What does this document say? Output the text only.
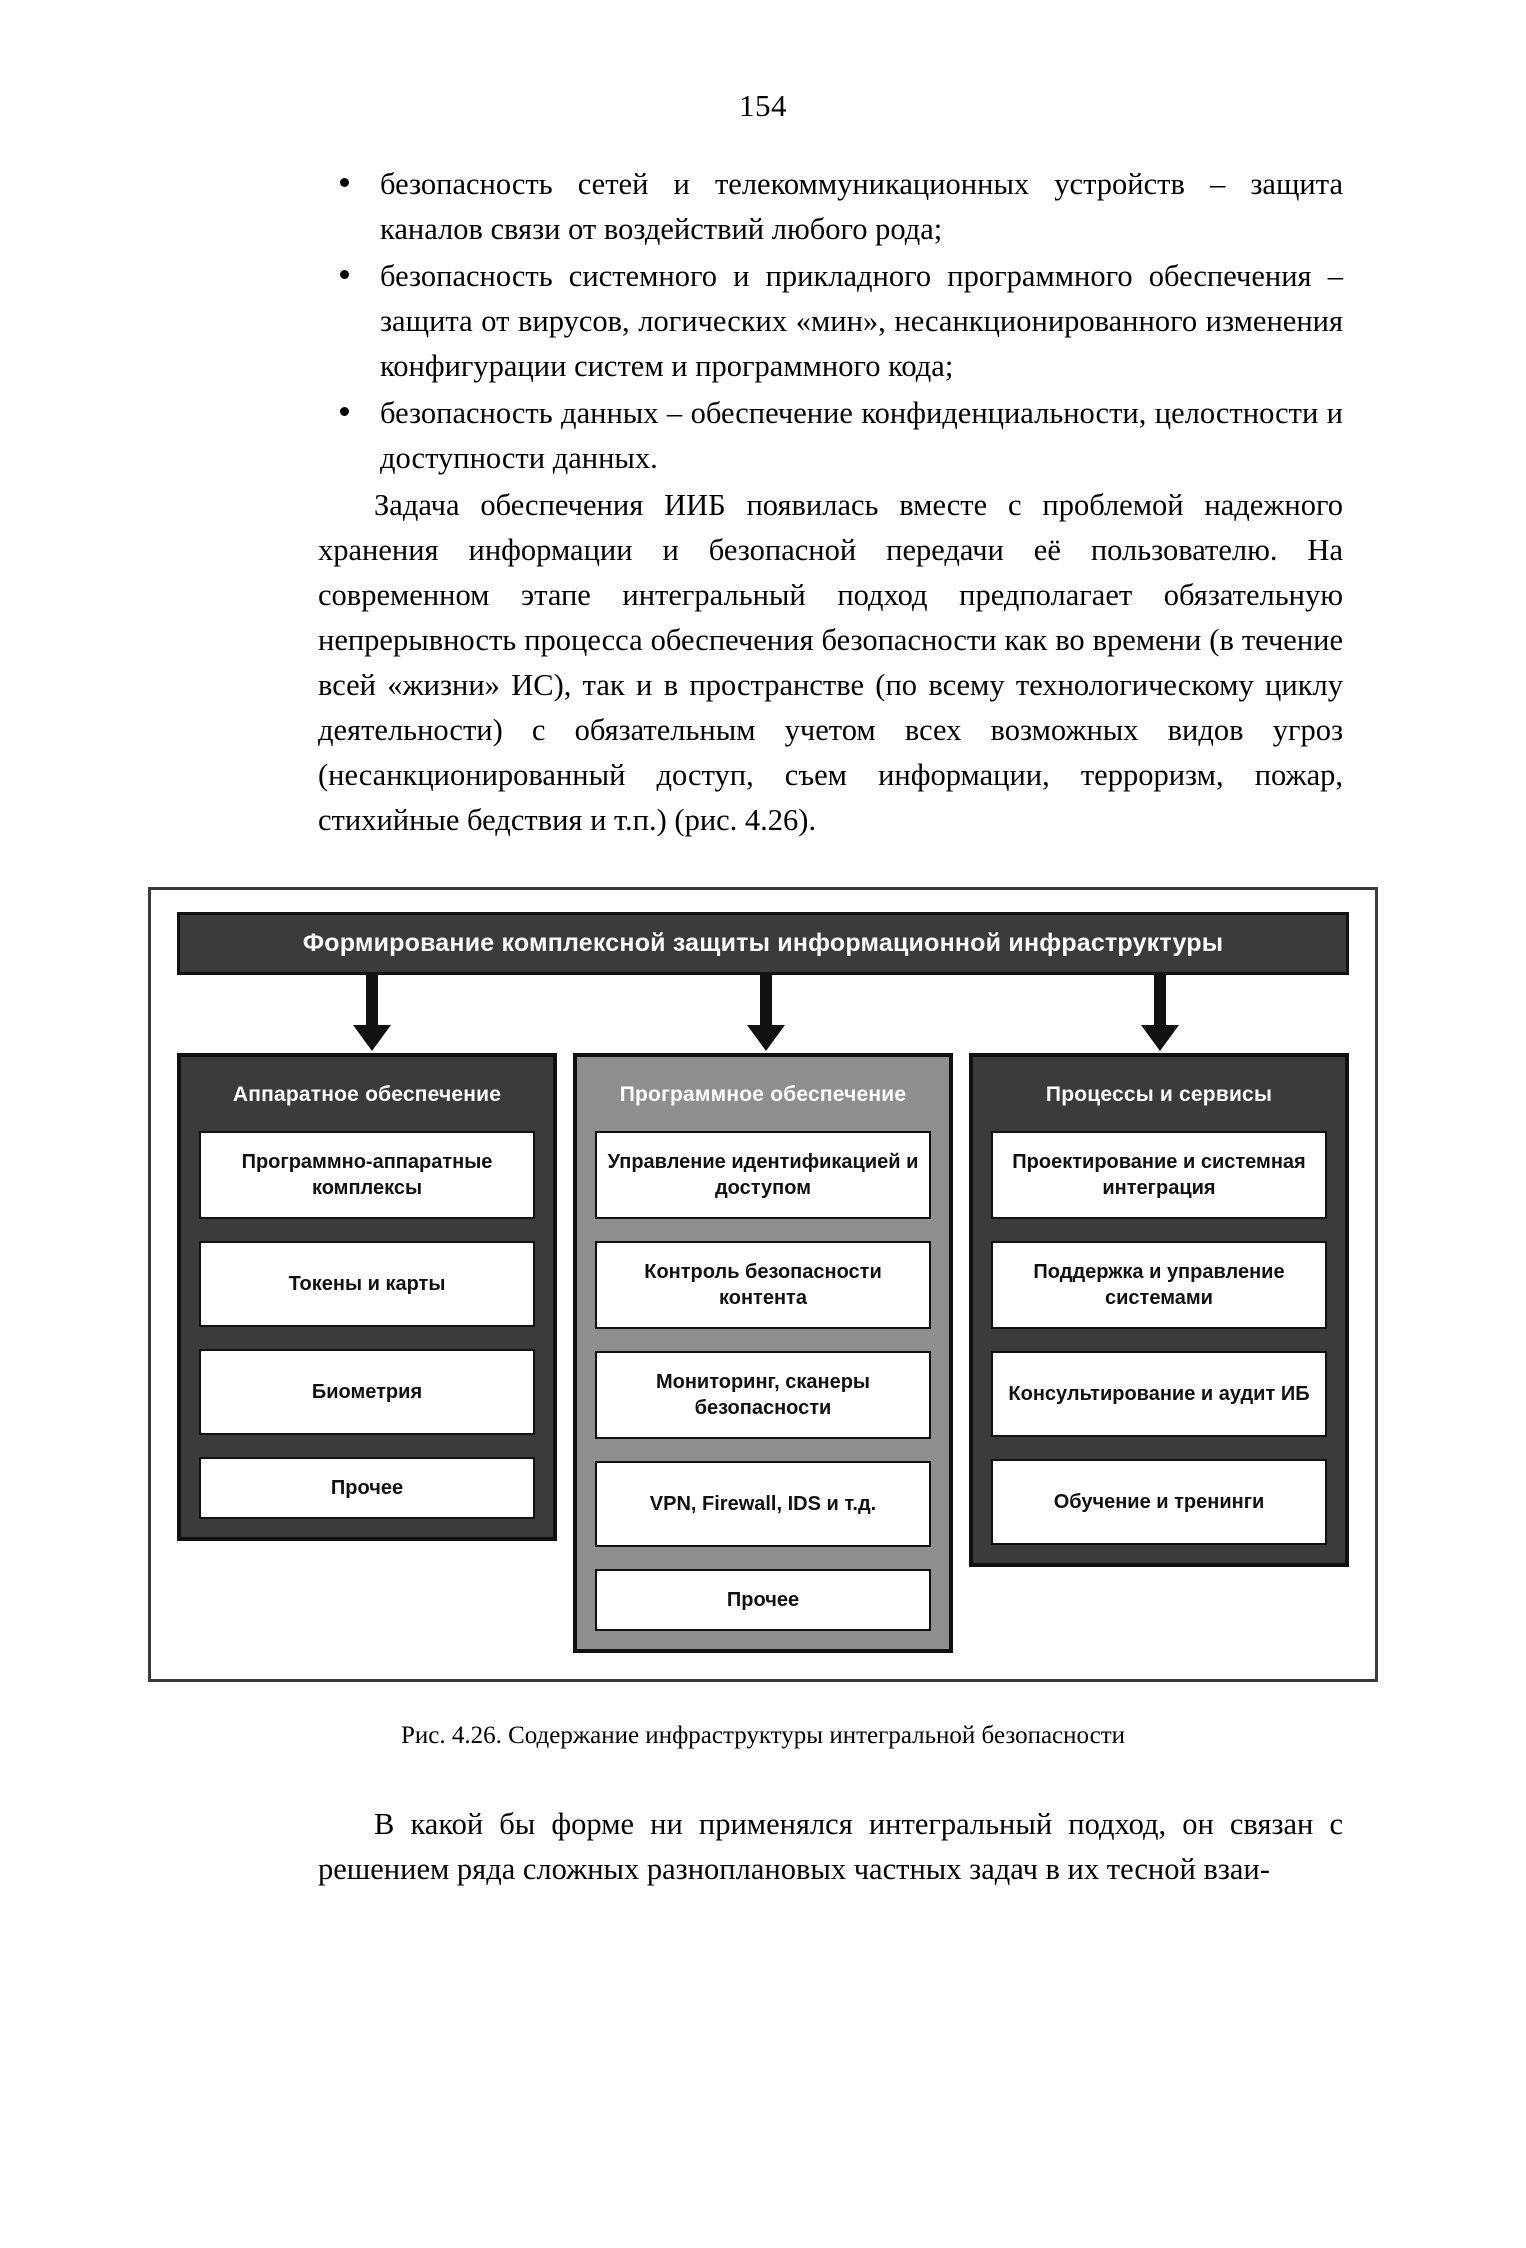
154
безопасность сетей и телекоммуникационных устройств – защита каналов связи от воздействий любого рода;
безопасность системного и прикладного программного обеспечения – защита от вирусов, логических «мин», несанкционированного изменения конфигурации систем и программного кода;
безопасность данных – обеспечение конфиденциальности, целостности и доступности данных.

Задача обеспечения ИИБ появилась вместе с проблемой надежного хранения информации и безопасной передачи её пользователю. На современном этапе интегральный подход предполагает обязательную непрерывность процесса обеспечения безопасности как во времени (в течение всей «жизни» ИС), так и в пространстве (по всему технологическому циклу деятельности) с обязательным учетом всех возможных видов угроз (несанкционированный доступ, съем информации, терроризм, пожар, стихийные бедствия и т.п.) (рис. 4.26).

Формирование комплексной защиты информационной инфраструктуры
Аппаратное обеспечение
Программно-аппаратные комплексы
Токены и карты
Биометрия
Прочее
Программное обеспечение
Управление идентификацией и доступом
Контроль безопасности контента
Мониторинг, сканеры безопасности
VPN, Firewall, IDS и т.д.
Прочее
Процессы и сервисы
Проектирование и системная интеграция
Поддержка и управление системами
Консультирование и аудит ИБ
Обучение и тренинги
Рис. 4.26. Содержание инфраструктуры интегральной безопасности

В какой бы форме ни применялся интегральный подход, он связан с решением ряда сложных разноплановых частных задач в их тесной взаи-
